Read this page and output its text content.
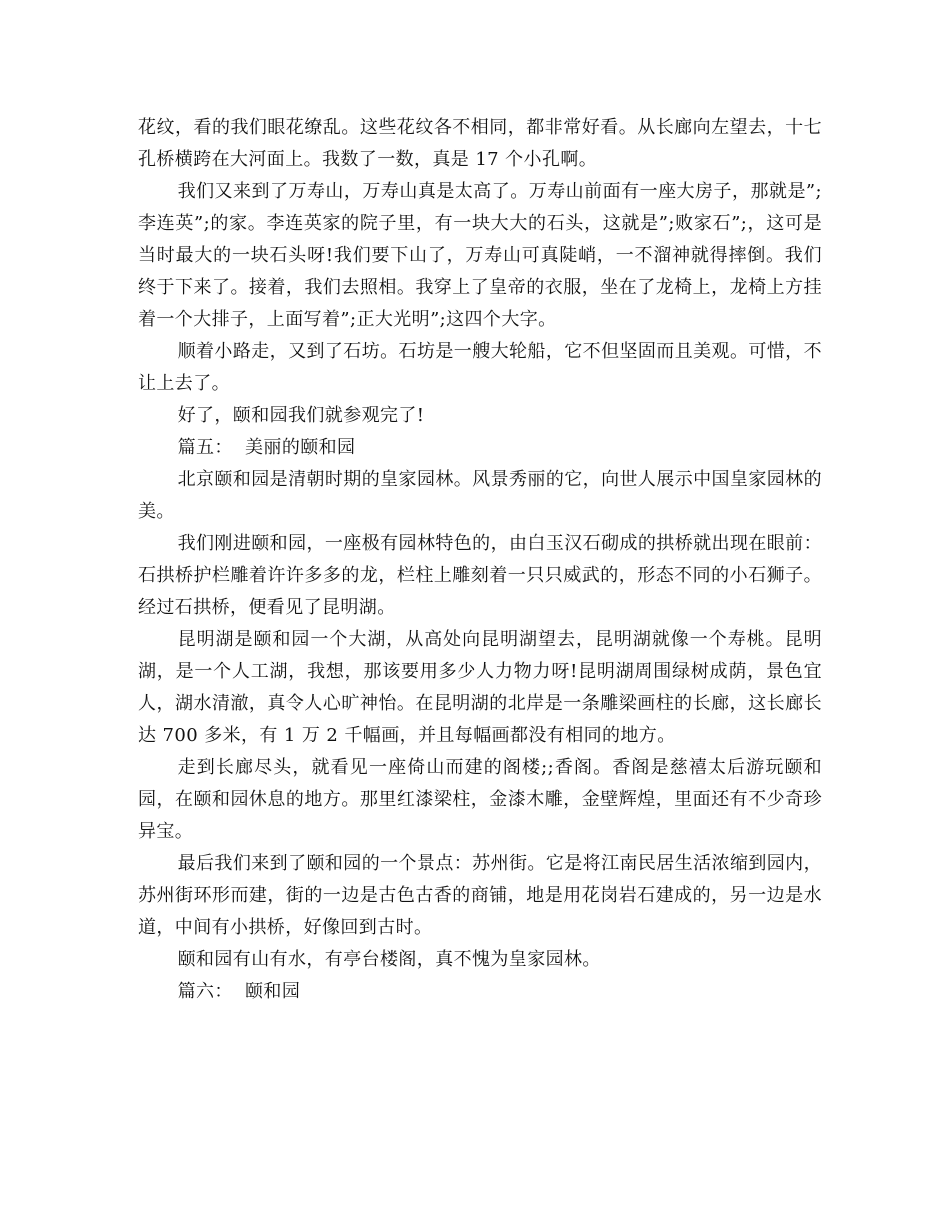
花纹，看的我们眼花缭乱。这些花纹各不相同，都非常好看。从长廊向左望去，十七孔桥横跨在大河面上。我数了一数，真是 17 个小孔啊。

我们又来到了万寿山，万寿山真是太高了。万寿山前面有一座大房子，那就是”;李连英”;的家。李连英家的院子里，有一块大大的石头，这就是”;败家石”;，这可是当时最大的一块石头呀!我们要下山了，万寿山可真陡峭，一不溜神就得摔倒。我们终于下来了。接着，我们去照相。我穿上了皇帝的衣服，坐在了龙椅上，龙椅上方挂着一个大排子，上面写着”;正大光明”;这四个大字。

顺着小路走，又到了石坊。石坊是一艘大轮船，它不但坚固而且美观。可惜，不让上去了。

好了，颐和园我们就参观完了!

篇五：  美丽的颐和园

北京颐和园是清朝时期的皇家园林。风景秀丽的它，向世人展示中国皇家园林的美。

我们刚进颐和园，一座极有园林特色的，由白玉汉石砌成的拱桥就出现在眼前：石拱桥护栏雕着许许多多的龙，栏柱上雕刻着一只只威武的，形态不同的小石狮子。经过石拱桥，便看见了昆明湖。

昆明湖是颐和园一个大湖，从高处向昆明湖望去，昆明湖就像一个寿桃。昆明湖，是一个人工湖，我想，那该要用多少人力物力呀!昆明湖周围绿树成荫，景色宜人，湖水清澈，真令人心旷神怡。在昆明湖的北岸是一条雕梁画柱的长廊，这长廊长达 700 多米，有 1 万 2 千幅画，并且每幅画都没有相同的地方。

走到长廊尽头，就看见一座倚山而建的阁楼;;香阁。香阁是慈禧太后游玩颐和园，在颐和园休息的地方。那里红漆梁柱，金漆木雕，金壁辉煌，里面还有不少奇珍异宝。

最后我们来到了颐和园的一个景点：苏州街。它是将江南民居生活浓缩到园内，苏州街环形而建，街的一边是古色古香的商铺，地是用花岗岩石建成的，另一边是水道，中间有小拱桥，好像回到古时。

颐和园有山有水，有亭台楼阁，真不愧为皇家园林。

篇六：  颐和园
